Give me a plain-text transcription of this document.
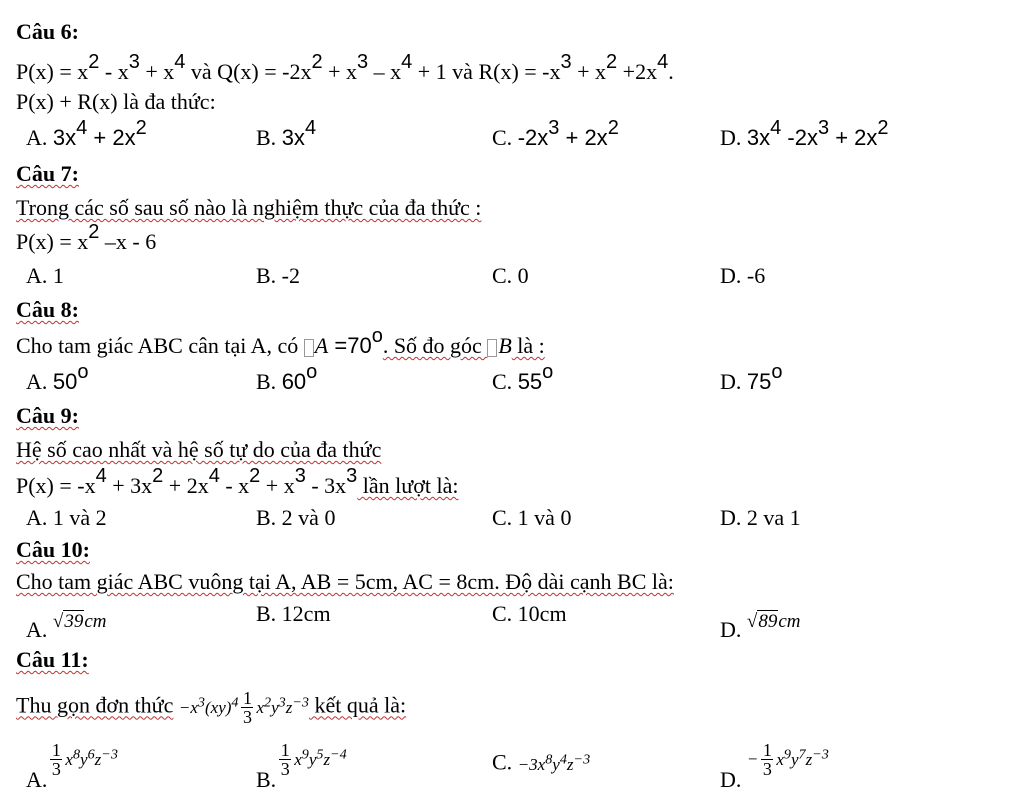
Câu 6:
$P(x) = x^2 - x^3 + x^4$ và $Q(x) = -2x^2 + x^3 - x^4 + 1$ và $R(x) = -x^3 + x^2 +2x^4$.
P(x) + R(x) là đa thức:
A. $3x^4 + 2x^2$	B. $3x^4$	C. $-2x^3 + 2x^2$	D. $3x^4$ $-2x^3 + 2x^2$
Câu 7:
Trong các số sau số nào là nghiệm thực của đa thức :
$P(x) = x^2$ –x - 6
A. 1	B. -2	C. 0	D. -6
Câu 8:
Cho tam giác ABC cân tại A, có $A =70^o$. Số đo góc B là :
A. 50$^o$	B. 60$^o$	C. 55$^o$	D. 75$^o$
Câu 9:
Hệ số cao nhất và hệ số tự do của đa thức
$P(x) = -x^4 + 3x^2 + 2x^4 - x^2 + x^3 - 3x^3$ lần lượt là:
A. 1 và 2	B. 2 và 0	C. 1 và 0	D. 2 va 1
Câu 10:
Cho tam giác ABC vuông tại A, AB = 5cm, AC = 8cm. Độ dài cạnh BC là:
A. √39cm	B. 12cm	C. 10cm
D. √89cm
Câu 11:
Thu gọn đơn thức $-x^3(xy)^4 \frac{1}{3} x^2y^3z^{-3}$ kết quả là:
A.
$\frac{1}{3} x^8y^6z^{-3}$
B.
$\frac{1}{3} x^9y^5z^{-4}$	C. $-3x^8y^4z^{-3}$
D. − $\frac{1}{3} x^9y^7z^{-3}$
